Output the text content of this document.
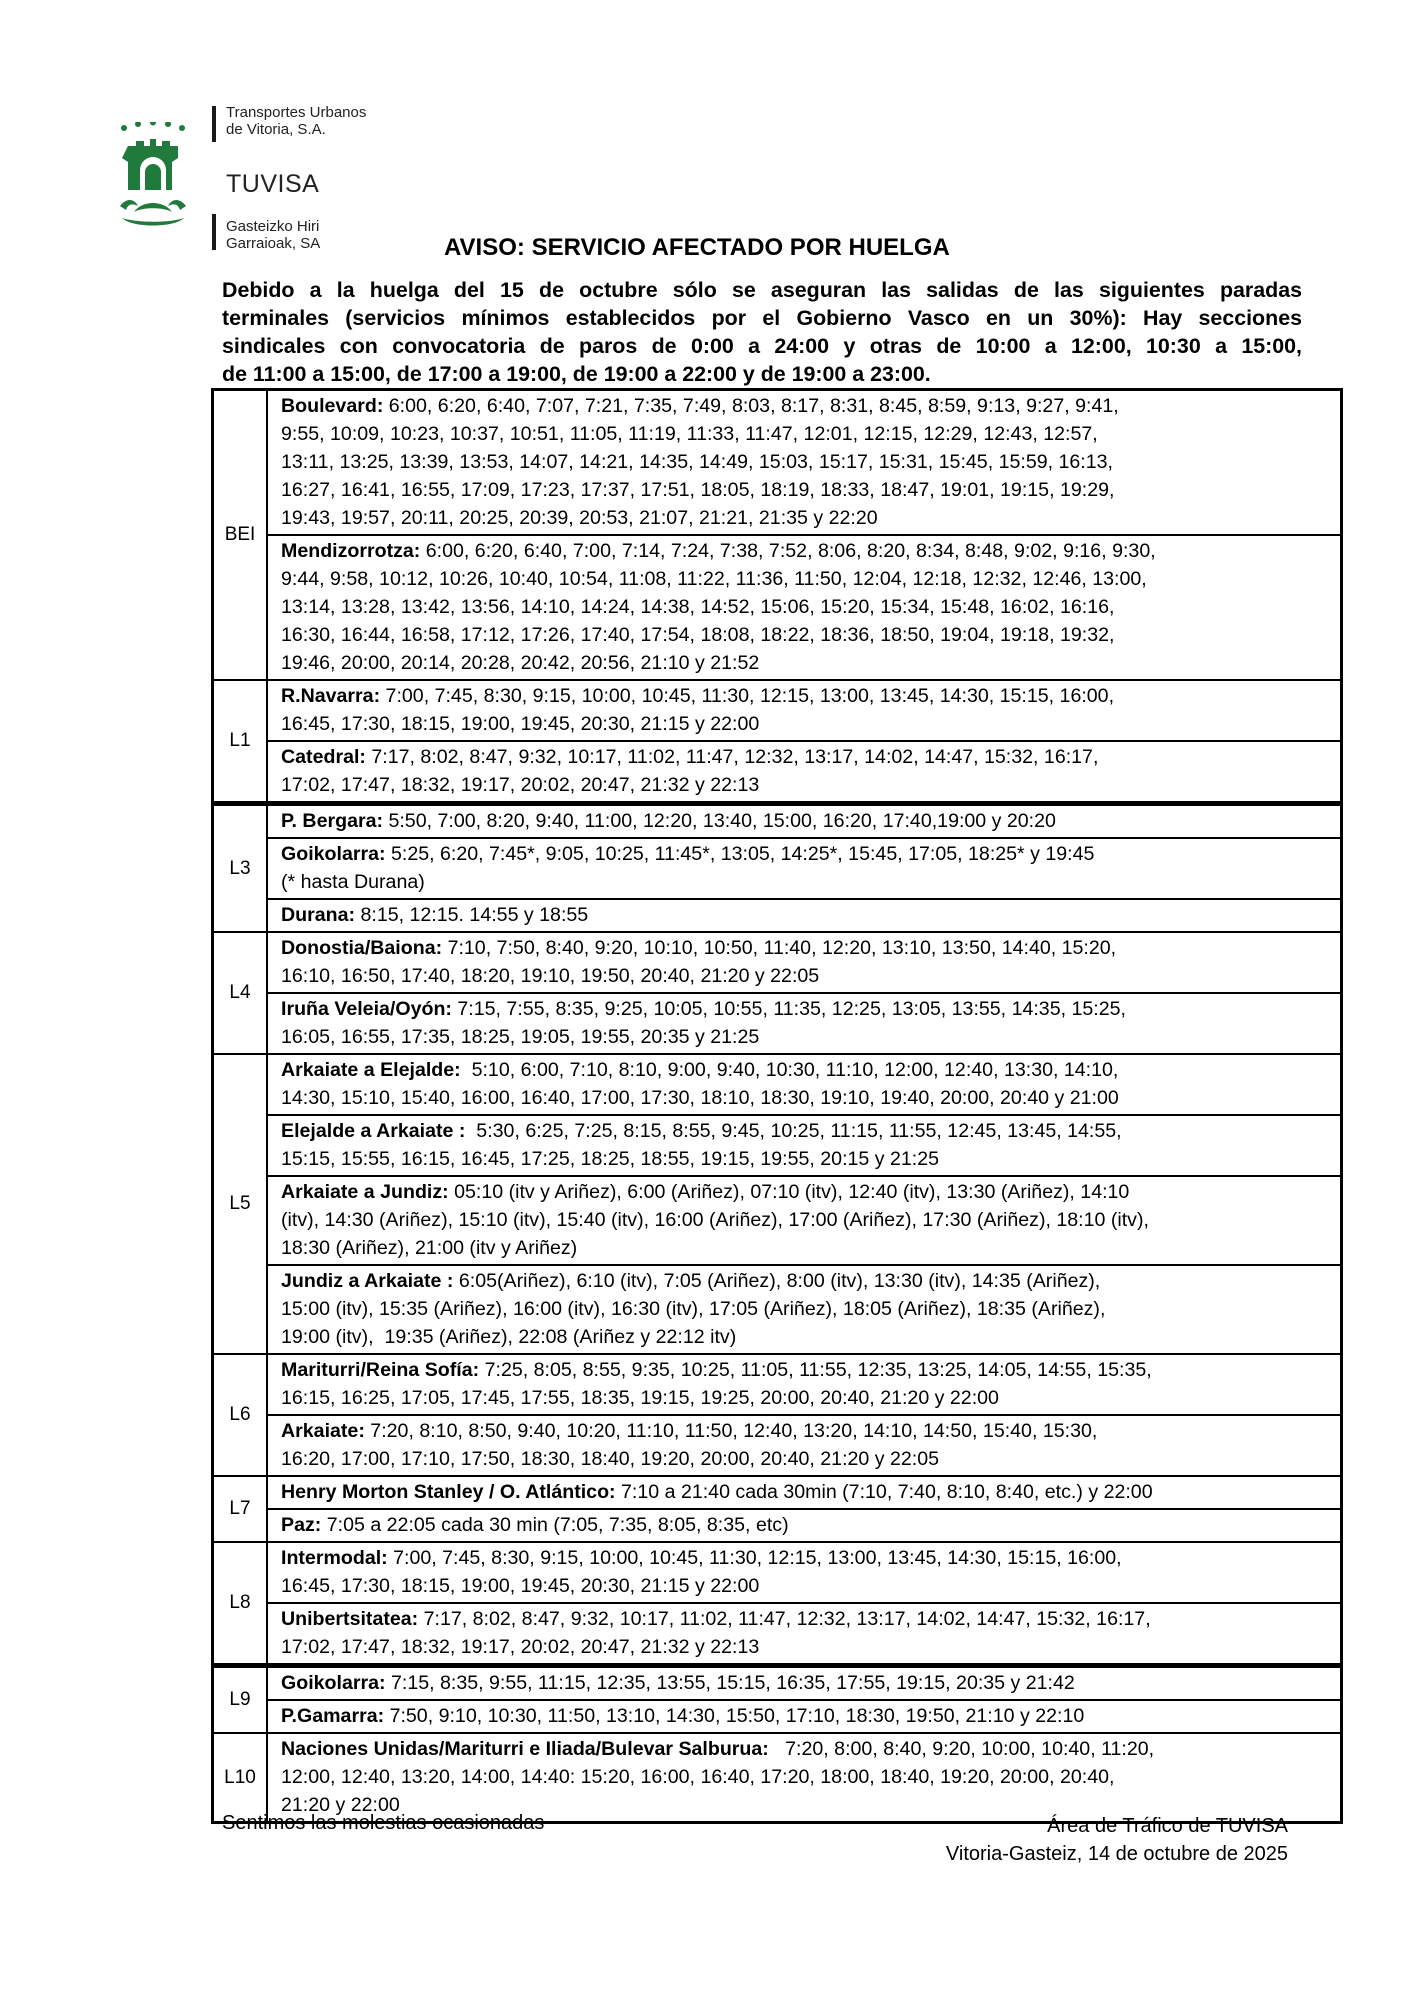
Transportes Urbanos
de Vitoria, S.A.
TUVISA
Gasteizko Hiri
Garraioak, SA	AVISO: SERVICIO AFECTADO POR HUELGA
Debido a la huelga del 15 de octubre sólo se aseguran las salidas de las siguientes paradas
terminales (servicios mínimos establecidos por el Gobierno Vasco en un 30%): Hay secciones
sindicales con convocatoria de paros de 0:00 a 24:00 y otras de 10:00 a 12:00, 10:30 a 15:00,
de 11:00 a 15:00, de 17:00 a 19:00, de 19:00 a 22:00 y de 19:00 a 23:00.
BEI	Boulevard: 6:00, 6:20, 6:40, 7:07, 7:21, 7:35, 7:49, 8:03, 8:17, 8:31, 8:45, 8:59, 9:13, 9:27, 9:41,
9:55, 10:09, 10:23, 10:37, 10:51, 11:05, 11:19, 11:33, 11:47, 12:01, 12:15, 12:29, 12:43, 12:57,
13:11, 13:25, 13:39, 13:53, 14:07, 14:21, 14:35, 14:49, 15:03, 15:17, 15:31, 15:45, 15:59, 16:13,
16:27, 16:41, 16:55, 17:09, 17:23, 17:37, 17:51, 18:05, 18:19, 18:33, 18:47, 19:01, 19:15, 19:29,
19:43, 19:57, 20:11, 20:25, 20:39, 20:53, 21:07, 21:21, 21:35 y 22:20

	Mendizorrotza: 6:00, 6:20, 6:40, 7:00, 7:14, 7:24, 7:38, 7:52, 8:06, 8:20, 8:34, 8:48, 9:02, 9:16, 9:30,
9:44, 9:58, 10:12, 10:26, 10:40, 10:54, 11:08, 11:22, 11:36, 11:50, 12:04, 12:18, 12:32, 12:46, 13:00,
13:14, 13:28, 13:42, 13:56, 14:10, 14:24, 14:38, 14:52, 15:06, 15:20, 15:34, 15:48, 16:02, 16:16,
16:30, 16:44, 16:58, 17:12, 17:26, 17:40, 17:54, 18:08, 18:22, 18:36, 18:50, 19:04, 19:18, 19:32,
19:46, 20:00, 20:14, 20:28, 20:42, 20:56, 21:10 y 21:52

L1	R.Navarra: 7:00, 7:45, 8:30, 9:15, 10:00, 10:45, 11:30, 12:15, 13:00, 13:45, 14:30, 15:15, 16:00,
16:45, 17:30, 18:15, 19:00, 19:45, 20:30, 21:15 y 22:00

	Catedral: 7:17, 8:02, 8:47, 9:32, 10:17, 11:02, 11:47, 12:32, 13:17, 14:02, 14:47, 15:32, 16:17,
17:02, 17:47, 18:32, 19:17, 20:02, 20:47, 21:32 y 22:13

L3	P. Bergara: 5:50, 7:00, 8:20, 9:40, 11:00, 12:20, 13:40, 15:00, 16:20, 17:40,19:00 y 20:20

	Goikolarra: 5:25, 6:20, 7:45*, 9:05, 10:25, 11:45*, 13:05, 14:25*, 15:45, 17:05, 18:25* y 19:45
(* hasta Durana)

	Durana: 8:15, 12:15. 14:55 y 18:55

L4	Donostia/Baiona: 7:10, 7:50, 8:40, 9:20, 10:10, 10:50, 11:40, 12:20, 13:10, 13:50, 14:40, 15:20,
16:10, 16:50, 17:40, 18:20, 19:10, 19:50, 20:40, 21:20 y 22:05

	Iruña Veleia/Oyón: 7:15, 7:55, 8:35, 9:25, 10:05, 10:55, 11:35, 12:25, 13:05, 13:55, 14:35, 15:25,
16:05, 16:55, 17:35, 18:25, 19:05, 19:55, 20:35 y 21:25

L5	Arkaiate a Elejalde:  5:10, 6:00, 7:10, 8:10, 9:00, 9:40, 10:30, 11:10, 12:00, 12:40, 13:30, 14:10,
14:30, 15:10, 15:40, 16:00, 16:40, 17:00, 17:30, 18:10, 18:30, 19:10, 19:40, 20:00, 20:40 y 21:00

	Elejalde a Arkaiate :  5:30, 6:25, 7:25, 8:15, 8:55, 9:45, 10:25, 11:15, 11:55, 12:45, 13:45, 14:55,
15:15, 15:55, 16:15, 16:45, 17:25, 18:25, 18:55, 19:15, 19:55, 20:15 y 21:25

	Arkaiate a Jundiz: 05:10 (itv y Ariñez), 6:00 (Ariñez), 07:10 (itv), 12:40 (itv), 13:30 (Ariñez), 14:10
(itv), 14:30 (Ariñez), 15:10 (itv), 15:40 (itv), 16:00 (Ariñez), 17:00 (Ariñez), 17:30 (Ariñez), 18:10 (itv),
18:30 (Ariñez), 21:00 (itv y Ariñez)

	Jundiz a Arkaiate : 6:05(Ariñez), 6:10 (itv), 7:05 (Ariñez), 8:00 (itv), 13:30 (itv), 14:35 (Ariñez),
15:00 (itv), 15:35 (Ariñez), 16:00 (itv), 16:30 (itv), 17:05 (Ariñez), 18:05 (Ariñez), 18:35 (Ariñez),
19:00 (itv),  19:35 (Ariñez), 22:08 (Ariñez y 22:12 itv)

L6	Mariturri/Reina Sofía: 7:25, 8:05, 8:55, 9:35, 10:25, 11:05, 11:55, 12:35, 13:25, 14:05, 14:55, 15:35,
16:15, 16:25, 17:05, 17:45, 17:55, 18:35, 19:15, 19:25, 20:00, 20:40, 21:20 y 22:00

	Arkaiate: 7:20, 8:10, 8:50, 9:40, 10:20, 11:10, 11:50, 12:40, 13:20, 14:10, 14:50, 15:40, 15:30,
16:20, 17:00, 17:10, 17:50, 18:30, 18:40, 19:20, 20:00, 20:40, 21:20 y 22:05

L7	Henry Morton Stanley / O. Atlántico: 7:10 a 21:40 cada 30min (7:10, 7:40, 8:10, 8:40, etc.) y 22:00

	Paz: 7:05 a 22:05 cada 30 min (7:05, 7:35, 8:05, 8:35, etc)

L8	Intermodal: 7:00, 7:45, 8:30, 9:15, 10:00, 10:45, 11:30, 12:15, 13:00, 13:45, 14:30, 15:15, 16:00,
16:45, 17:30, 18:15, 19:00, 19:45, 20:30, 21:15 y 22:00

	Unibertsitatea: 7:17, 8:02, 8:47, 9:32, 10:17, 11:02, 11:47, 12:32, 13:17, 14:02, 14:47, 15:32, 16:17,
17:02, 17:47, 18:32, 19:17, 20:02, 20:47, 21:32 y 22:13

L9	Goikolarra: 7:15, 8:35, 9:55, 11:15, 12:35, 13:55, 15:15, 16:35, 17:55, 19:15, 20:35 y 21:42

	P.Gamarra: 7:50, 9:10, 10:30, 11:50, 13:10, 14:30, 15:50, 17:10, 18:30, 19:50, 21:10 y 22:10

L10	Naciones Unidas/Mariturri e Iliada/Bulevar Salburua:   7:20, 8:00, 8:40, 9:20, 10:00, 10:40, 11:20,
12:00, 12:40, 13:20, 14:00, 14:40: 15:20, 16:00, 16:40, 17:20, 18:00, 18:40, 19:20, 20:00, 20:40,
21:20 y 22:00
Sentimos las molestias ocasionadas	Área de Tráfico de TUVISA
Vitoria-Gasteiz, 14 de octubre de 2025
